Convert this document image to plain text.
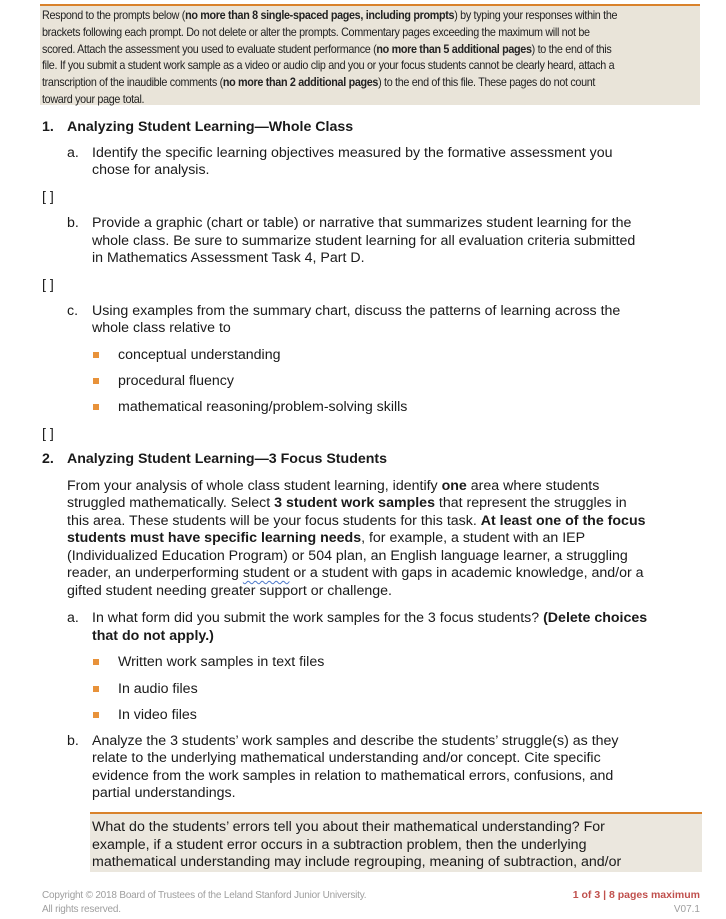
Respond to the prompts below (no more than 8 single-spaced pages, including prompts) by typing your responses within the
brackets following each prompt. Do not delete or alter the prompts. Commentary pages exceeding the maximum will not be
scored. Attach the assessment you used to evaluate student performance (no more than 5 additional pages) to the end of this
file. If you submit a student work sample as a video or audio clip and you or your focus students cannot be clearly heard, attach a
transcription of the inaudible comments (no more than 2 additional pages) to the end of this file. These pages do not count
toward your page total.
1. Analyzing Student Learning—Whole Class
a. Identify the specific learning objectives measured by the formative assessment you
chose for analysis.
[ ]
b. Provide a graphic (chart or table) or narrative that summarizes student learning for the
whole class. Be sure to summarize student learning for all evaluation criteria submitted
in Mathematics Assessment Task 4, Part D.
[ ]
c. Using examples from the summary chart, discuss the patterns of learning across the
whole class relative to
conceptual understanding
procedural fluency
mathematical reasoning/problem-solving skills
[ ]
2. Analyzing Student Learning—3 Focus Students
From your analysis of whole class student learning, identify one area where students
struggled mathematically. Select 3 student work samples that represent the struggles in
this area. These students will be your focus students for this task. At least one of the focus
students must have specific learning needs, for example, a student with an IEP
(Individualized Education Program) or 504 plan, an English language learner, a struggling
reader, an underperforming student or a student with gaps in academic knowledge, and/or a
gifted student needing greater support or challenge.
a. In what form did you submit the work samples for the 3 focus students? (Delete choices
that do not apply.)
Written work samples in text files
In audio files
In video files
b. Analyze the 3 students’ work samples and describe the students’ struggle(s) as they
relate to the underlying mathematical understanding and/or concept. Cite specific
evidence from the work samples in relation to mathematical errors, confusions, and
partial understandings.
What do the students’ errors tell you about their mathematical understanding? For
example, if a student error occurs in a subtraction problem, then the underlying
mathematical understanding may include regrouping, meaning of subtraction, and/or
Copyright © 2018 Board of Trustees of the Leland Stanford Junior University.
All rights reserved.
1 of 3 | 8 pages maximum
V07.1
